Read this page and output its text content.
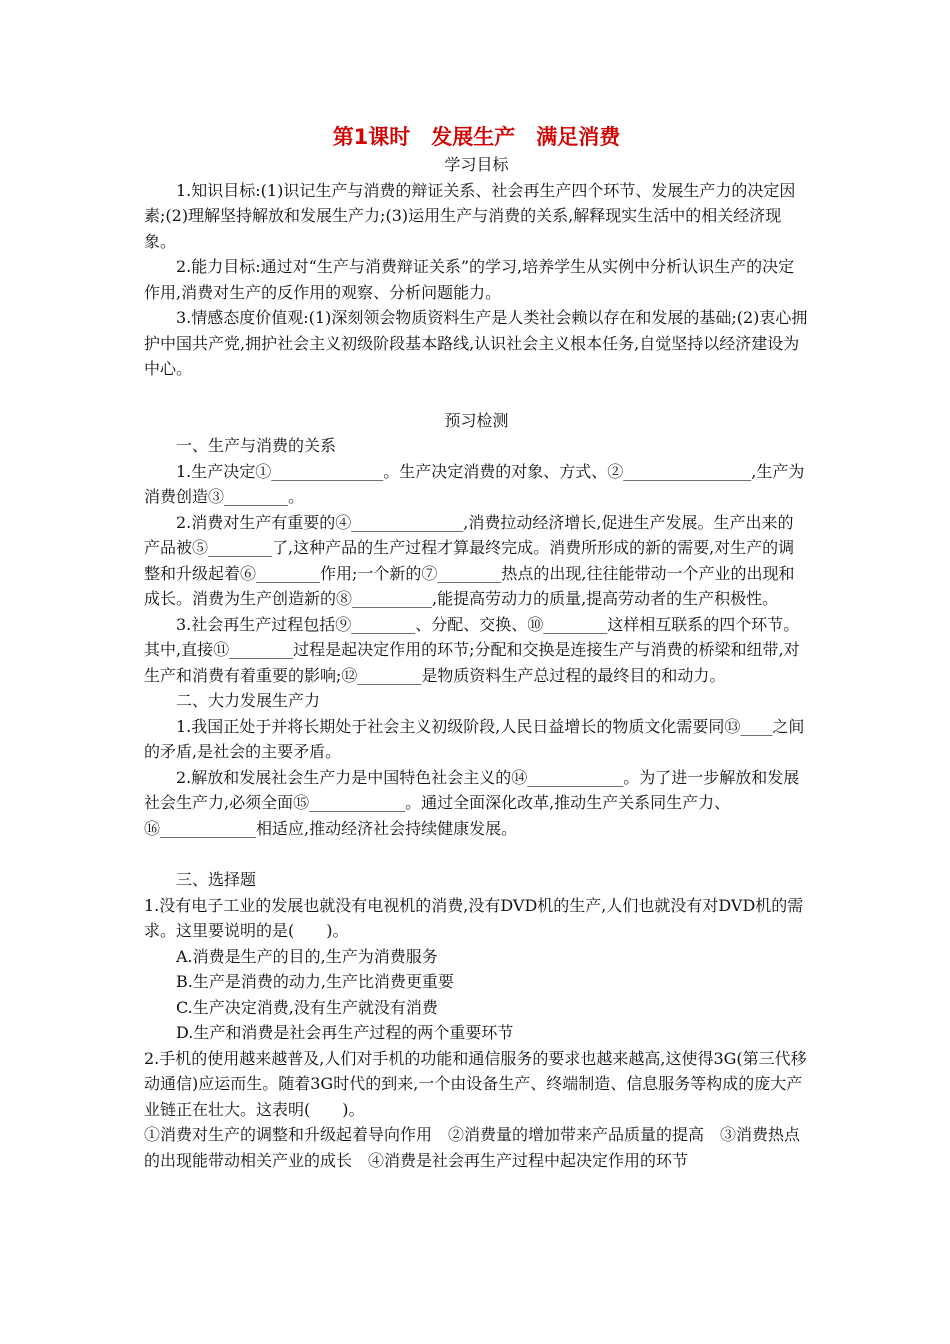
第1课时　发展生产　满足消费
学习目标

1.知识目标:(1)识记生产与消费的辩证关系、社会再生产四个环节、发展生产力的决定因素;(2)理解坚持解放和发展生产力;(3)运用生产与消费的关系,解释现实生活中的相关经济现象。

2.能力目标:通过对“生产与消费辩证关系”的学习,培养学生从实例中分析认识生产的决定作用,消费对生产的反作用的观察、分析问题能力。

3.情感态度价值观:(1)深刻领会物质资料生产是人类社会赖以存在和发展的基础;(2)衷心拥护中国共产党,拥护社会主义初级阶段基本路线,认识社会主义根本任务,自觉坚持以经济建设为中心。

预习检测

一、生产与消费的关系

1.生产决定①______________。生产决定消费的对象、方式、②________________,生产为消费创造③________。

2.消费对生产有重要的④______________,消费拉动经济增长,促进生产发展。生产出来的产品被⑤________了,这种产品的生产过程才算最终完成。消费所形成的新的需要,对生产的调整和升级起着⑥________作用;一个新的⑦________热点的出现,往往能带动一个产业的出现和成长。消费为生产创造新的⑧__________,能提高劳动力的质量,提高劳动者的生产积极性。

3.社会再生产过程包括⑨________、分配、交换、⑩________这样相互联系的四个环节。其中,直接⑪________过程是起决定作用的环节;分配和交换是连接生产与消费的桥梁和纽带,对生产和消费有着重要的影响;⑫________是物质资料生产总过程的最终目的和动力。

二、大力发展生产力

1.我国正处于并将长期处于社会主义初级阶段,人民日益增长的物质文化需要同⑬____之间的矛盾,是社会的主要矛盾。

2.解放和发展社会生产力是中国特色社会主义的⑭____________。为了进一步解放和发展社会生产力,必须全面⑮____________。通过全面深化改革,推动生产关系同生产力、⑯____________相适应,推动经济社会持续健康发展。

三、选择题

1.没有电子工业的发展也就没有电视机的消费,没有DVD机的生产,人们也就没有对DVD机的需求。这里要说明的是(　　)。

A.消费是生产的目的,生产为消费服务

B.生产是消费的动力,生产比消费更重要

C.生产决定消费,没有生产就没有消费

D.生产和消费是社会再生产过程的两个重要环节

2.手机的使用越来越普及,人们对手机的功能和通信服务的要求也越来越高,这使得3G(第三代移动通信)应运而生。随着3G时代的到来,一个由设备生产、终端制造、信息服务等构成的庞大产业链正在壮大。这表明(　　)。

①消费对生产的调整和升级起着导向作用　②消费量的增加带来产品质量的提高　③消费热点的出现能带动相关产业的成长　④消费是社会再生产过程中起决定作用的环节
